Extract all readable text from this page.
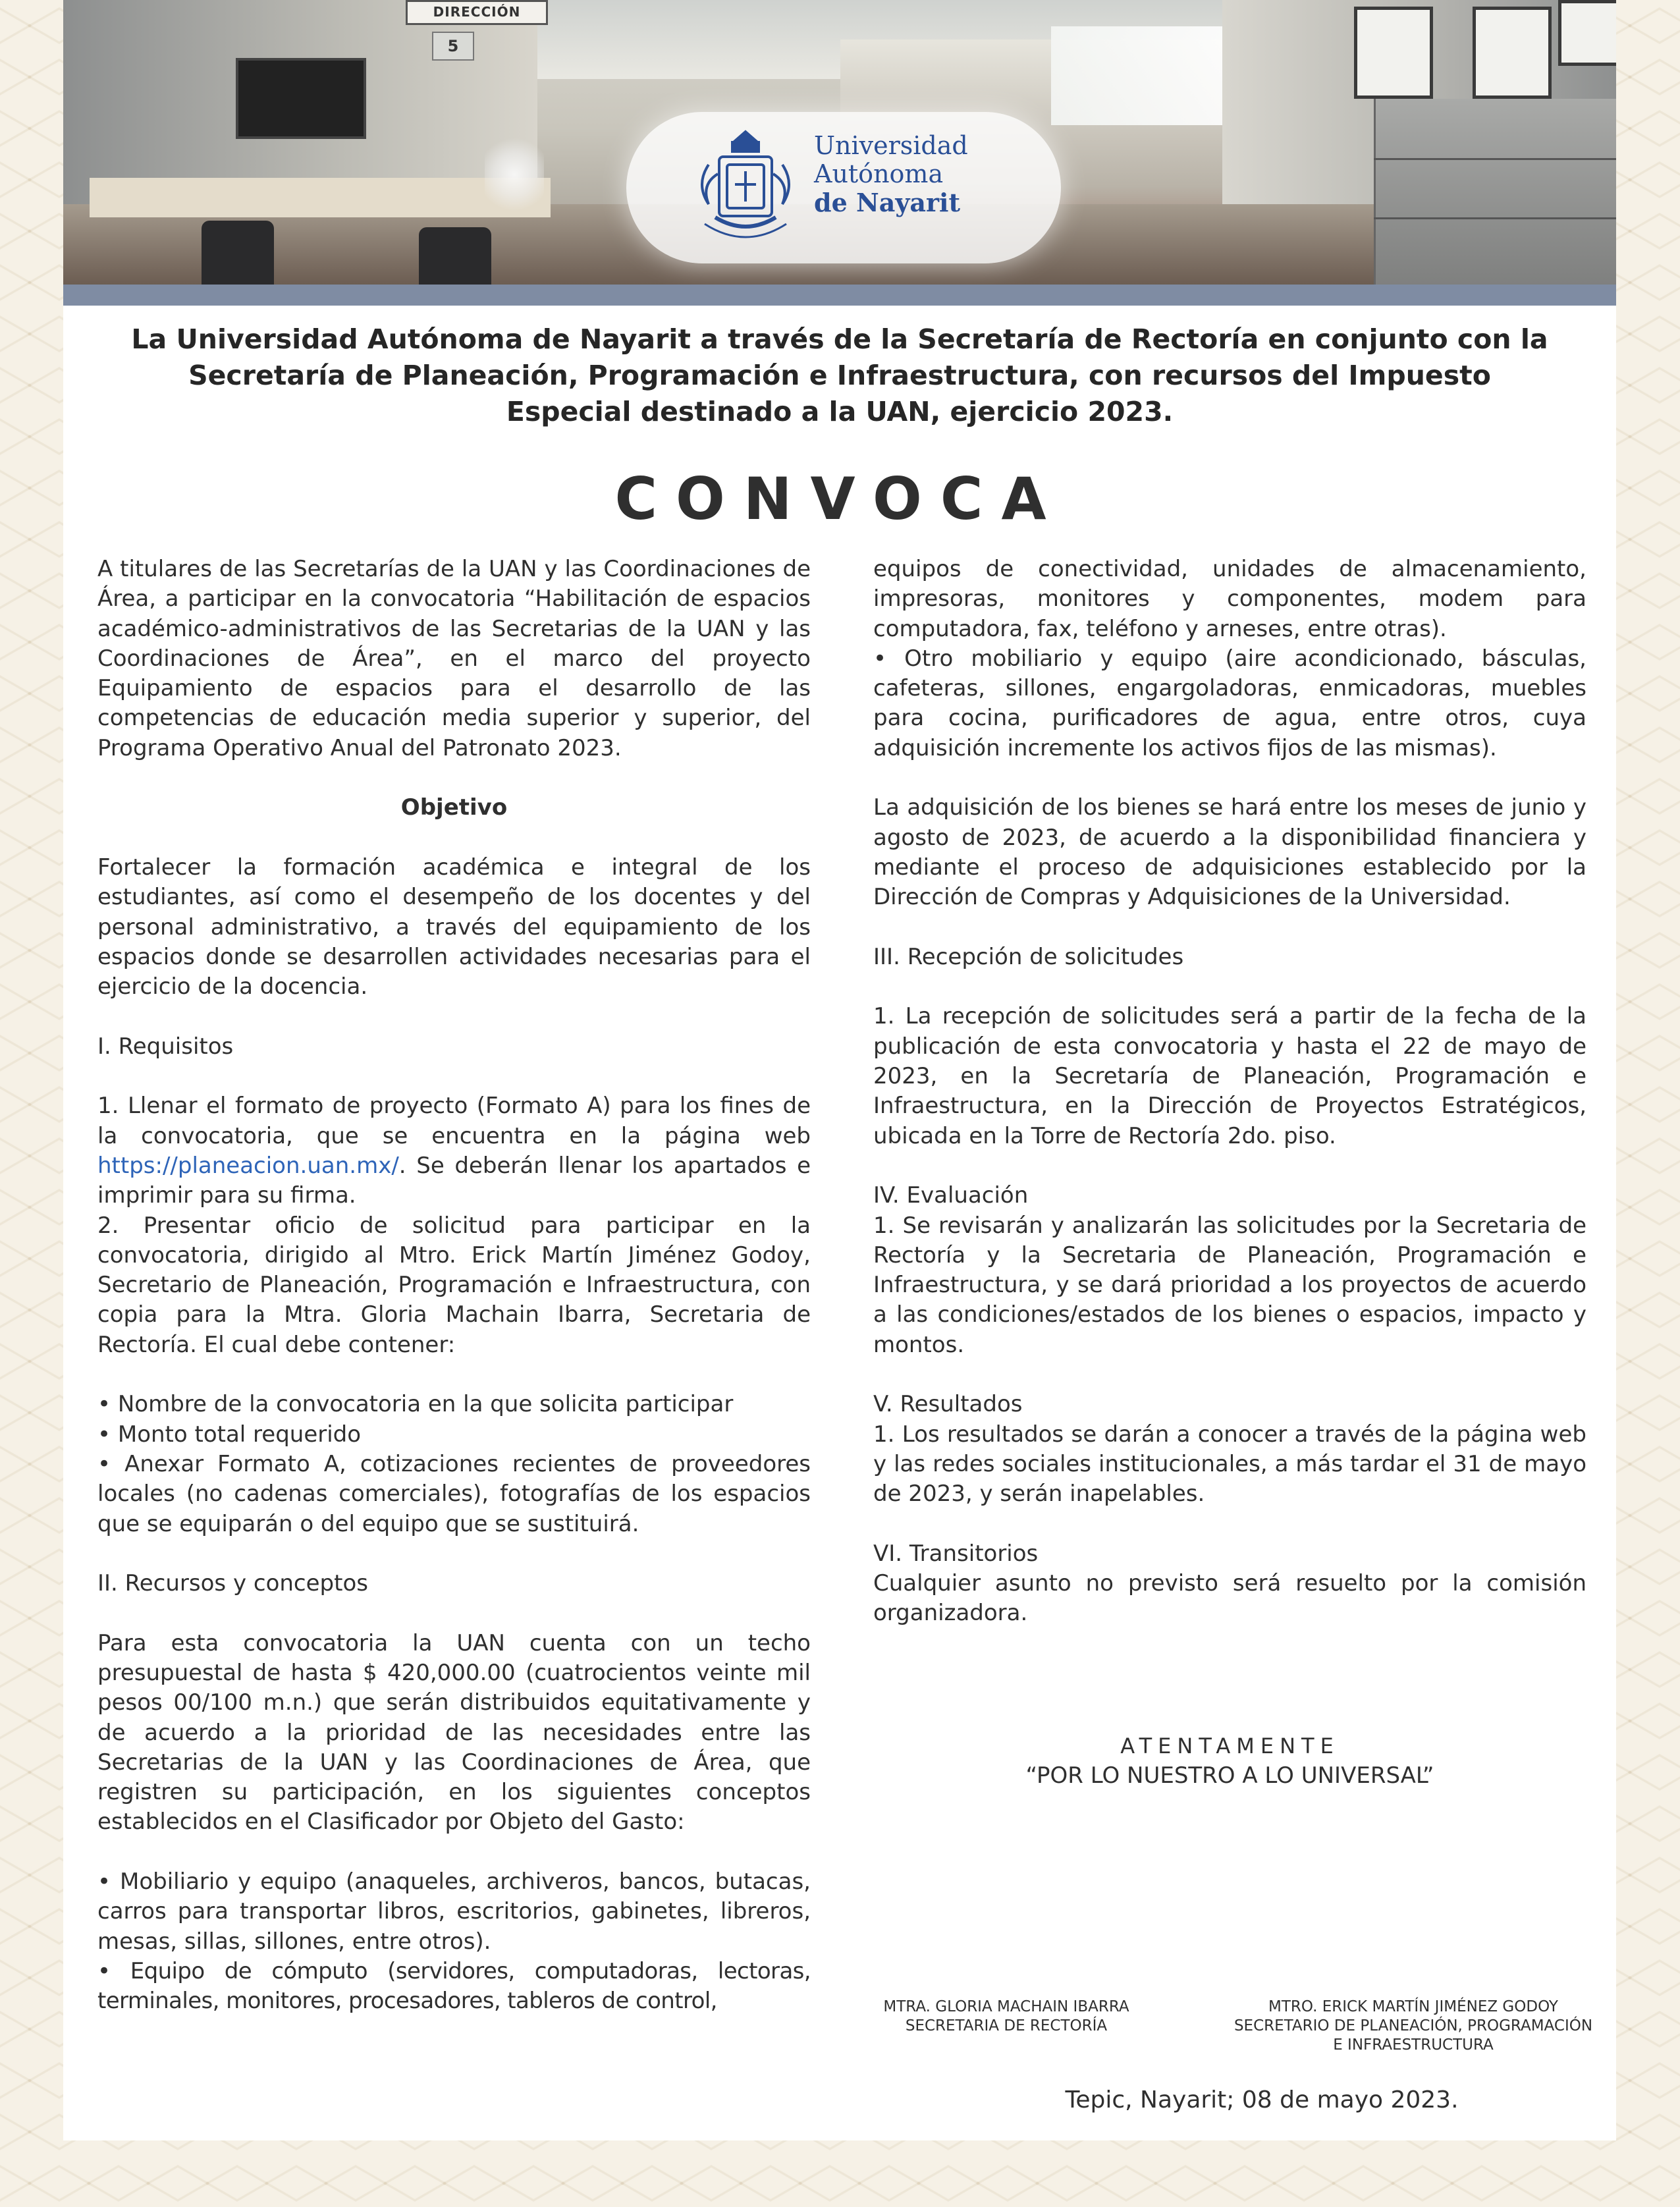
DIRECCIÓN
5
Universidad
Autónoma
de Nayarit
La Universidad Autónoma de Nayarit a través de la Secretaría de Rectoría en conjunto con la Secretaría de Planeación, Programación e Infraestructura, con recursos del Impuesto Especial destinado a la UAN, ejercicio 2023.
CONVOCA

A titulares de las Secretarías de la UAN y las Coordinaciones de Área, a participar en la convocatoria “Habilitación de espacios académico-administrativos de las Secretarias de la UAN y las Coordinaciones de Área”, en el marco del proyecto Equipamiento de espacios para el desarrollo de las competencias de educación media superior y superior, del Programa Operativo Anual del Patronato 2023.

Objetivo

Fortalecer la formación académica e integral de los estudiantes, así como el desempeño de los docentes y del personal administrativo, a través del equipamiento de los espacios donde se desarrollen actividades necesarias para el ejercicio de la docencia.

I. Requisitos

1. Llenar el formato de proyecto (Formato A) para los fines de la convocatoria, que se encuentra en la página web https://planeacion.uan.mx/. Se deberán llenar los apartados e imprimir para su firma.

2. Presentar oficio de solicitud para participar en la convocatoria, dirigido al Mtro. Erick Martín Jiménez Godoy, Secretario de Planeación, Programación e Infraestructura, con copia para la Mtra. Gloria Machain Ibarra, Secretaria de Rectoría. El cual debe contener:

• Nombre de la convocatoria en la que solicita participar

• Monto total requerido

• Anexar Formato A, cotizaciones recientes de proveedores locales (no cadenas comerciales), fotografías de los espacios que se equiparán o del equipo que se sustituirá.

II. Recursos y conceptos

Para esta convocatoria la UAN cuenta con un techo presupuestal de hasta $ 420,000.00 (cuatrocientos veinte mil pesos 00/100 m.n.) que serán distribuidos equitativamente y de acuerdo a la prioridad de las necesidades entre las Secretarias de la UAN y las Coordinaciones de Área, que registren su participación, en los siguientes conceptos establecidos en el Clasificador por Objeto del Gasto:

• Mobiliario y equipo (anaqueles, archiveros, bancos, butacas, carros para transportar libros, escritorios, gabinetes, libreros, mesas, sillas, sillones, entre otros).

• Equipo de cómputo (servidores, computadoras, lectoras, terminales, monitores, procesadores, tableros de control,

equipos de conectividad, unidades de almacenamiento, impresoras, monitores y componentes, modem para computadora, fax, teléfono y arneses, entre otras).

• Otro mobiliario y equipo (aire acondicionado, básculas, cafeteras, sillones, engargoladoras, enmicadoras, muebles para cocina, purificadores de agua, entre otros, cuya adquisición incremente los activos fijos de las mismas).

La adquisición de los bienes se hará entre los meses de junio y agosto de 2023, de acuerdo a la disponibilidad financiera y mediante el proceso de adquisiciones establecido por la Dirección de Compras y Adquisiciones de la Universidad.

III. Recepción de solicitudes

1. La recepción de solicitudes será a partir de la fecha de la publicación de esta convocatoria y hasta el 22 de mayo de 2023, en la Secretaría de Planeación, Programación e Infraestructura, en la Dirección de Proyectos Estratégicos, ubicada en la Torre de Rectoría 2do. piso.

IV. Evaluación

1. Se revisarán y analizarán las solicitudes por la Secretaria de Rectoría y la Secretaria de Planeación, Programación e Infraestructura, y se dará prioridad a los proyectos de acuerdo a las condiciones/estados de los bienes o espacios, impacto y montos.

V. Resultados

1. Los resultados se darán a conocer a través de la página web y las redes sociales institucionales, a más tardar el 31 de mayo de 2023, y serán inapelables.

VI. Transitorios

Cualquier asunto no previsto será resuelto por la comisión organizadora.

ATENTAMENTE
“POR LO NUESTRO A LO UNIVERSAL”
MTRA. GLORIA MACHAIN IBARRA
SECRETARIA DE RECTORÍA
MTRO. ERICK MARTÍN JIMÉNEZ GODOY
SECRETARIO DE PLANEACIÓN, PROGRAMACIÓN
E INFRAESTRUCTURA
Tepic, Nayarit; 08 de mayo 2023.
